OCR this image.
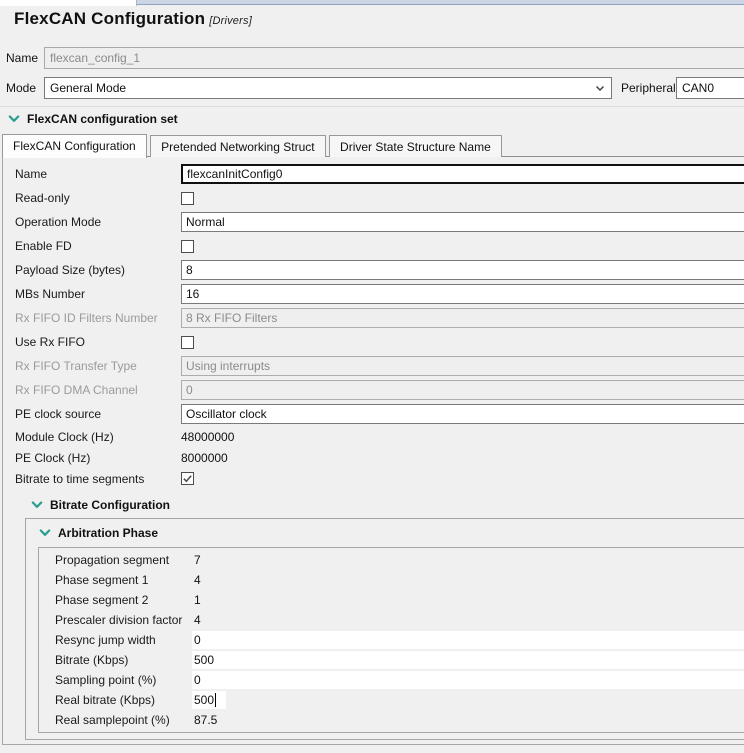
FlexCAN Configuration [Drivers]
Name flexcan_config_1
Mode	General Mode	Peripheral CAN0
FlexCAN configuration set
FlexCAN Configuration Pretended Networking Struct Driver State Structure Name
Name	flexcanInitConfig0
Read-only
Operation Mode	Normal
Enable FD
Payload Size (bytes)	8
MBs Number	16
Rx FIFO ID Filters Number	8 Rx FIFO Filters
Use Rx FIFO
Rx FIFO Transfer Type	Using interrupts
Rx FIFO DMA Channel	0
PE clock source	Oscillator clock
Module Clock (Hz)	48000000
PE Clock (Hz)	8000000
Bitrate to time segments
Bitrate Configuration
Arbitration Phase
Propagation segment	7
Phase segment 1	4
Phase segment 2	1
Prescaler division factor 4
Resync jump width	0
Bitrate (Kbps)	500
Sampling point (%)	0
Real bitrate (Kbps)	500
Real samplepoint (%)	87.5
